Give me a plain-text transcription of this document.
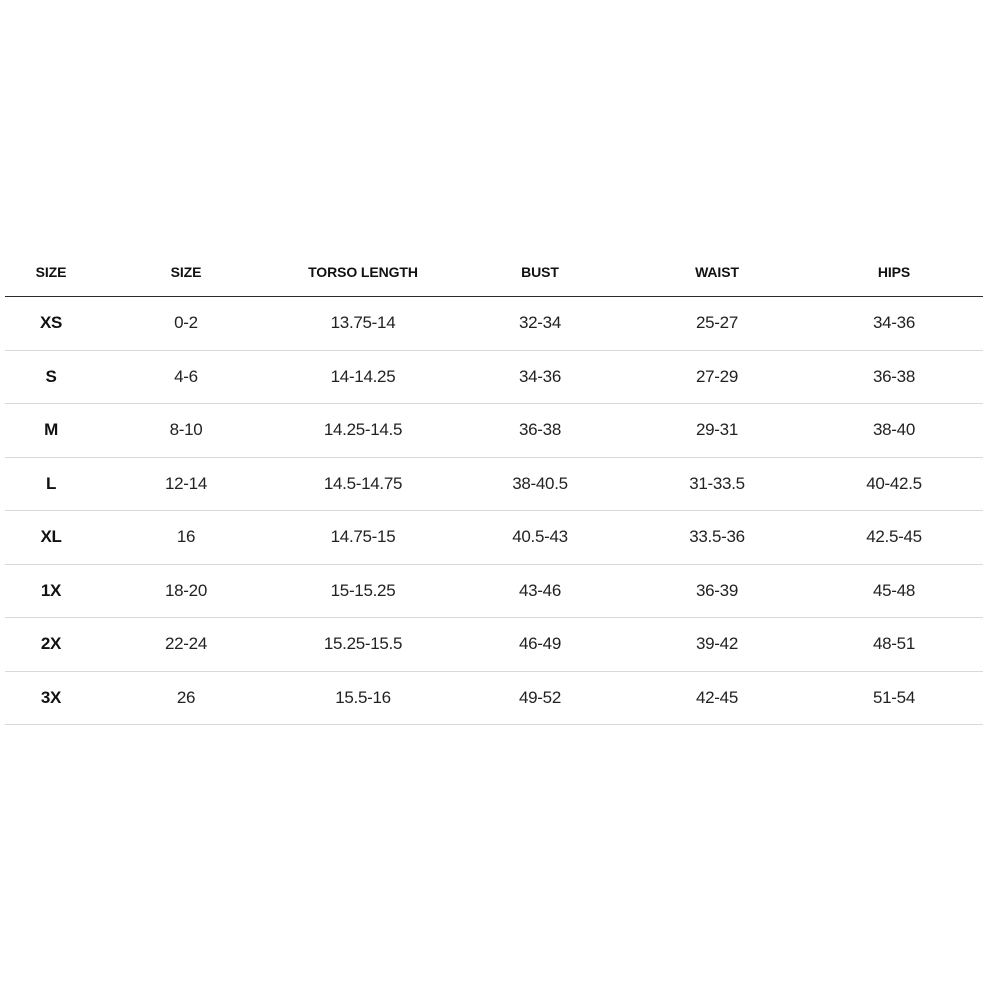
SIZE	SIZE	TORSO LENGTH	BUST	WAIST	HIPS
XS	0-2	13.75-14	32-34	25-27	34-36
S	4-6	14-14.25	34-36	27-29	36-38
M	8-10	14.25-14.5	36-38	29-31	38-40
L	12-14	14.5-14.75	38-40.5	31-33.5	40-42.5
XL	16	14.75-15	40.5-43	33.5-36	42.5-45
1X	18-20	15-15.25	43-46	36-39	45-48
2X	22-24	15.25-15.5	46-49	39-42	48-51
3X	26	15.5-16	49-52	42-45	51-54
